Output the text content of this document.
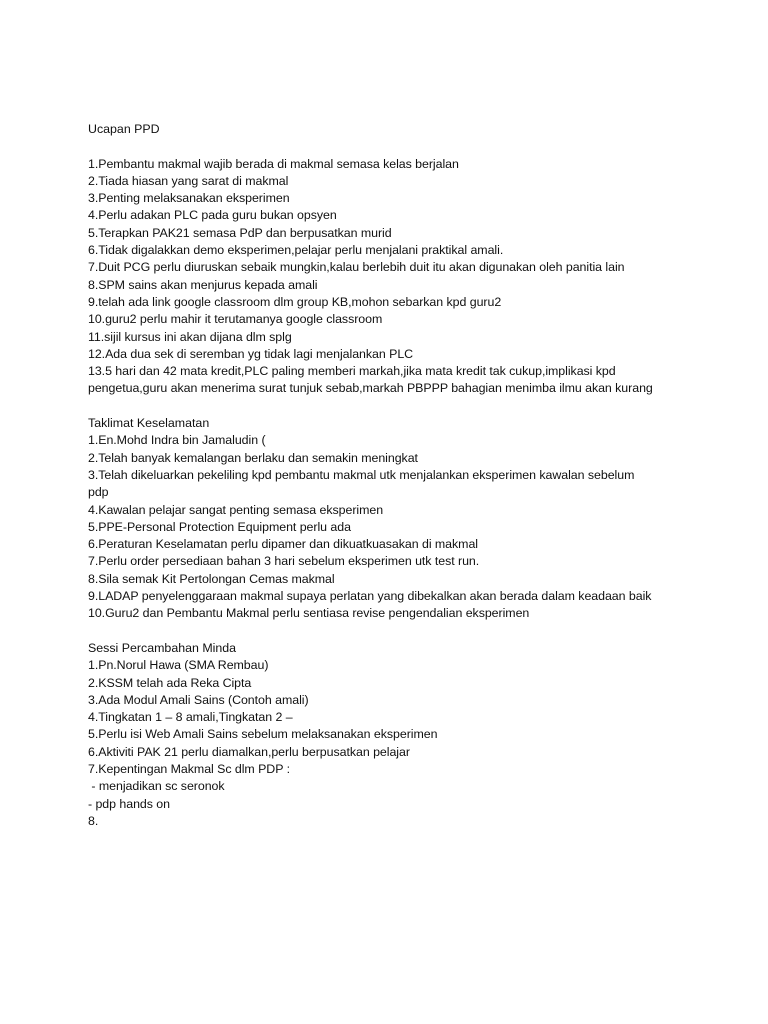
Ucapan PPD
1.Pembantu makmal wajib berada di makmal semasa kelas berjalan
2.Tiada hiasan yang sarat di makmal
3.Penting melaksanakan eksperimen
4.Perlu adakan PLC pada guru bukan opsyen
5.Terapkan PAK21 semasa PdP dan berpusatkan murid
6.Tidak digalakkan demo eksperimen,pelajar perlu menjalani praktikal amali.
7.Duit PCG perlu diuruskan sebaik mungkin,kalau berlebih duit itu akan digunakan oleh panitia lain
8.SPM sains akan menjurus kepada amali
9.telah ada link google classroom dlm group KB,mohon sebarkan kpd guru2
10.guru2 perlu mahir it terutamanya google classroom
11.sijil kursus ini akan dijana dlm splg
12.Ada dua sek di seremban yg tidak lagi menjalankan PLC
13.5 hari dan 42 mata kredit,PLC paling memberi markah,jika mata kredit tak cukup,implikasi kpd
pengetua,guru akan menerima surat tunjuk sebab,markah PBPPP bahagian menimba ilmu akan kurang
Taklimat Keselamatan
1.En.Mohd Indra bin Jamaludin (
2.Telah banyak kemalangan berlaku dan semakin meningkat
3.Telah dikeluarkan pekeliling kpd pembantu makmal utk menjalankan eksperimen kawalan sebelum
pdp
4.Kawalan pelajar sangat penting semasa eksperimen
5.PPE-Personal Protection Equipment perlu ada
6.Peraturan Keselamatan perlu dipamer dan dikuatkuasakan di makmal
7.Perlu order persediaan bahan 3 hari sebelum eksperimen utk test run.
8.Sila semak Kit Pertolongan Cemas makmal
9.LADAP penyelenggaraan makmal supaya perlatan yang dibekalkan akan berada dalam keadaan baik
10.Guru2 dan Pembantu Makmal perlu sentiasa revise pengendalian eksperimen
Sessi Percambahan Minda
1.Pn.Norul Hawa (SMA Rembau)
2.KSSM telah ada Reka Cipta
3.Ada Modul Amali Sains (Contoh amali)
4.Tingkatan 1 – 8 amali,Tingkatan 2 –
5.Perlu isi Web Amali Sains sebelum melaksanakan eksperimen
6.Aktiviti PAK 21 perlu diamalkan,perlu berpusatkan pelajar
7.Kepentingan Makmal Sc dlm PDP :
- menjadikan sc seronok
- pdp hands on
8.
